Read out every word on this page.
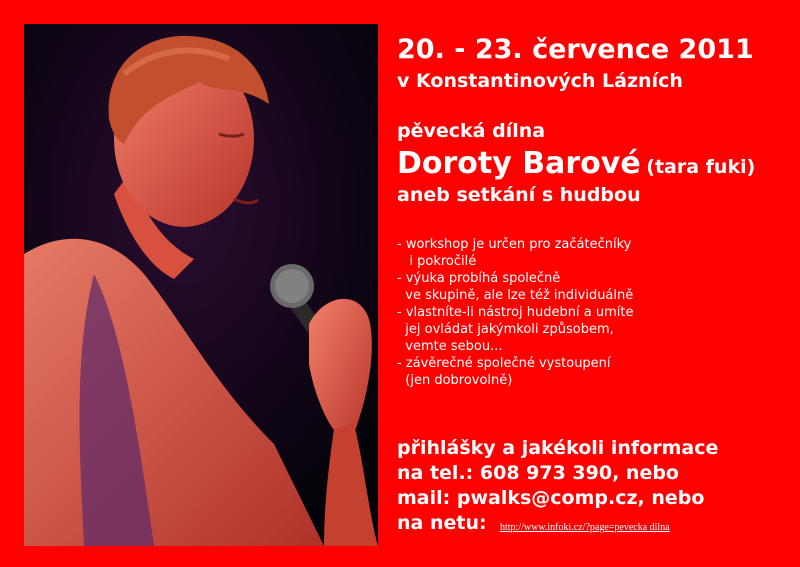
20. - 23. července 2011
v Konstantinových Lázních
pěvecká dílna
Doroty Barové (tara fuki)
aneb setkání s hudbou
- workshop je určen pro začátečníky
i pokročilé
- výuka probíhá společně
ve skupině, ale lze též individuálně
- vlastníte-li nástroj hudební a umíte
jej ovládat jakýmkoli způsobem,
vemte sebou...
- závěrečné společné vystoupení
(jen dobrovolně)
přihlášky a jakékoli informace
na tel.: 608 973 390, nebo
mail: pwalks@comp.cz, nebo
na netu:	http://www.infoki.cz/?page=pevecka dilna
